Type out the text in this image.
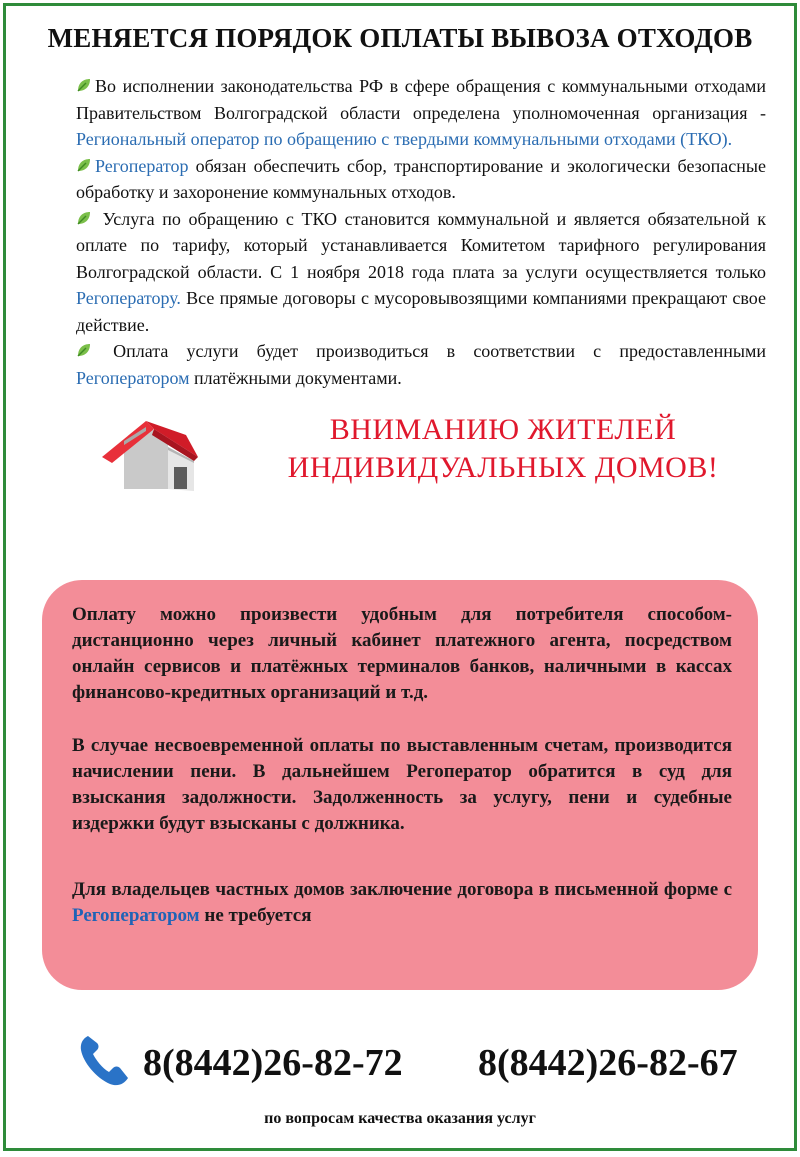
МЕНЯЕТСЯ ПОРЯДОК ОПЛАТЫ ВЫВОЗА ОТХОДОВ

Во исполнении законодательства РФ в сфере обращения с коммунальными отходами Правительством Волгоградской области определена уполномоченная организация - Региональный оператор по обращению с твердыми коммунальными отходами (ТКО).

Регоператор обязан обеспечить сбор, транспортирование и экологически безопасные обработку и захоронение коммунальных отходов.

Услуга по обращению с ТКО становится коммунальной и является обязательной к оплате по тарифу, который устанавливается Комитетом тарифного регулирования Волгоградской области. С 1 ноября 2018 года плата за услуги осуществляется только Регоператору. Все прямые договоры с мусоровывозящими компаниями прекращают свое действие.

Оплата услуги будет производиться в соответствии с предоставленными Регоператором платёжными документами.

ВНИМАНИЮ ЖИТЕЛЕЙ
ИНДИВИДУАЛЬНЫХ ДОМОВ!

Оплату можно произвести удобным для потребителя способом-дистанционно через личный кабинет платежного агента, посредством онлайн сервисов и платёжных терминалов банков, наличными в кассах финансово-кредитных организаций и т.д.

В случае несвоевременной оплаты по выставленным счетам, производится начислении пени. В дальнейшем Регоператор обратится в суд для взыскания задолжности. Задолженность за услугу, пени и судебные издержки будут взысканы с должника.

Для владельцев частных домов заключение договора в письменной форме с Регоператором не требуется

8(8442)26-82-72 8(8442)26-82-67
по вопросам качества оказания услуг
